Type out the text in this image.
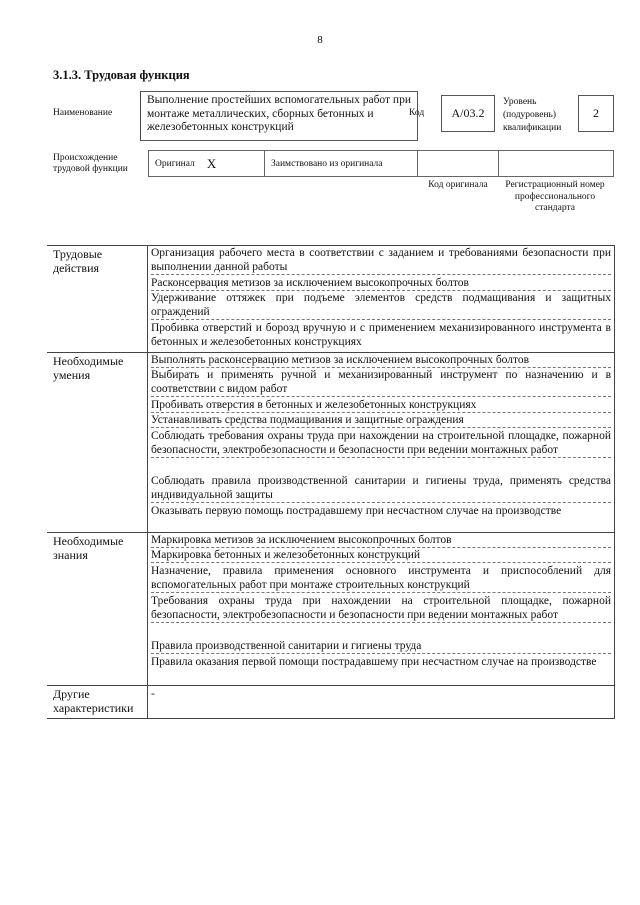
8
3.1.3. Трудовая функция
Наименование
Выполнение простейших вспомогательных работ при монтаже металлических, сборных бетонных и железобетонных конструкций
Код А/03.2
Уровень (подуровень) квалификации
2
Происхождение трудовой функции
Оригинал X	Заимствовано из оригинала
Код оригинала	Регистрационный номер профессионального стандарта
Трудовые действия
Организация рабочего места в соответствии с заданием и требованиями безопасности при выполнении данной работы
Расконсервация метизов за исключением высокопрочных болтов
Удерживание оттяжек при подъеме элементов средств подмащивания и защитных ограждений
Пробивка отверстий и борозд вручную и с применением механизированного инструмента в бетонных и железобетонных конструкциях
Необходимые умения
Выполнять расконсервацию метизов за исключением высокопрочных болтов
Выбирать и применять ручной и механизированный инструмент по назначению и в соответствии с видом работ
Пробивать отверстия в бетонных и железобетонных конструкциях
Устанавливать средства подмащивания и защитные ограждения
Соблюдать требования охраны труда при нахождении на строительной площадке, пожарной безопасности, электробезопасности и безопасности при ведении монтажных работ
Соблюдать правила производственной санитарии и гигиены труда, применять средства индивидуальной защиты
Оказывать первую помощь пострадавшему при несчастном случае на производстве
Необходимые знания
Маркировка метизов за исключением высокопрочных болтов
Маркировка бетонных и железобетонных конструкций
Назначение, правила применения основного инструмента и приспособлений для вспомогательных работ при монтаже строительных конструкций
Требования охраны труда при нахождении на строительной площадке, пожарной безопасности, электробезопасности и безопасности при ведении монтажных работ
Правила производственной санитарии и гигиены труда
Правила оказания первой помощи пострадавшему при несчастном случае на производстве
Другие характеристики
-
